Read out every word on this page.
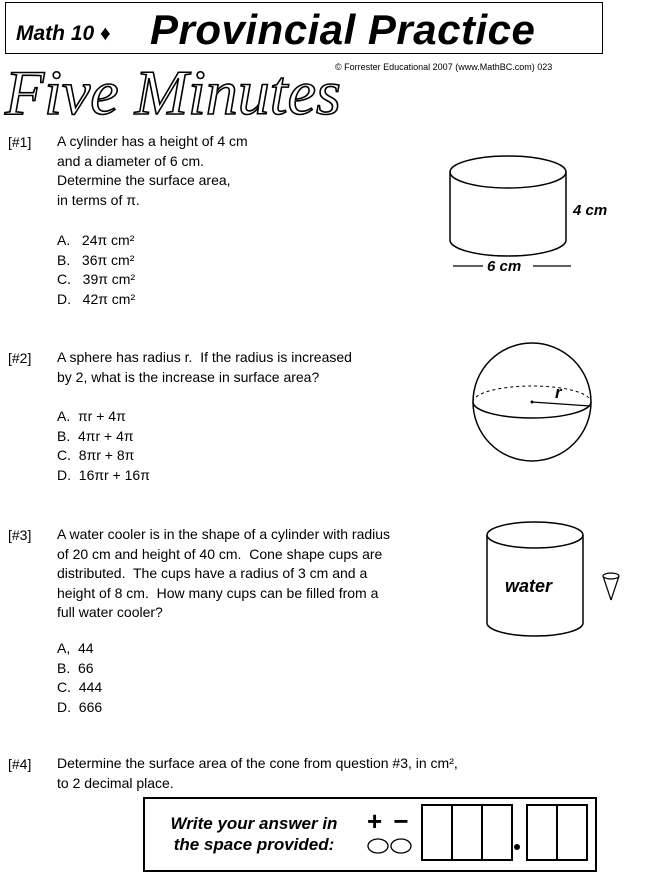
Math 10 ♦ Provincial Practice
Five Minutes
© Forrester Educational 2007 (www.MathBC.com) 023
[#1] A cylinder has a height of 4 cm
and a diameter of 6 cm.
Determine the surface area,
in terms of π.
A. 24π cm²
B. 36π cm²
C. 39π cm²
D. 42π cm²
4 cm
6 cm
[#2] A sphere has radius r.  If the radius is increased
by 2, what is the increase in surface area?
A. πr + 4π
B. 4πr + 4π
C. 8πr + 8π
D. 16πr + 16π
r
[#3] A water cooler is in the shape of a cylinder with radius
of 20 cm and height of 40 cm.  Cone shape cups are
distributed.  The cups have a radius of 3 cm and a
height of 8 cm.  How many cups can be filled from a
full water cooler?
A, 44
B. 66
C. 444
D. 666
water
[#4] Determine the surface area of the cone from question #3, in cm²,
to 2 decimal place.
Write your answer in
the space provided:
+ −
